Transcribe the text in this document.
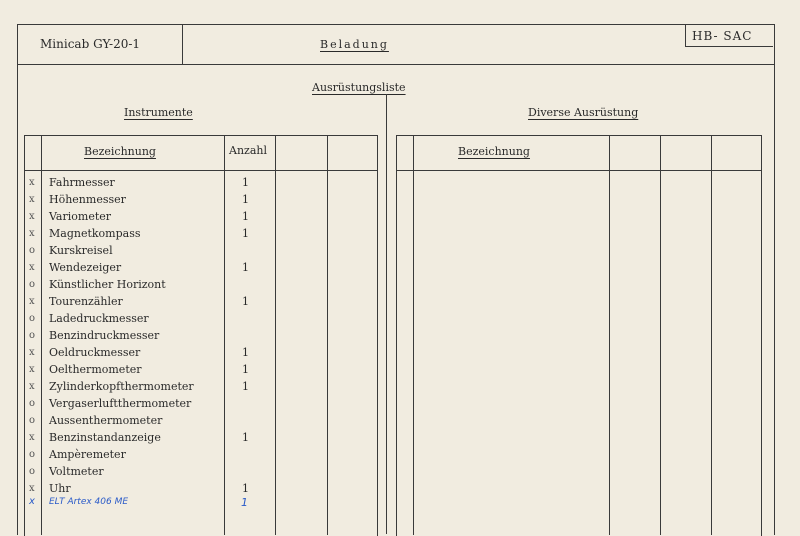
Minicab GY-20-1	Beladung
HB- SAC
Ausrüstungsliste
Instrumente
Bezeichnung	Anzahl
x Fahrmesser	1
x Höhenmesser	1
x Variometer	1
x Magnetkompass	1
o Kurskreisel
x Wendezeiger	1
o Künstlicher Horizont
x Tourenzähler	1
o Ladedruckmesser
o Benzindruckmesser
x Oeldruckmesser	1
x Oelthermometer	1
x Zylinderkopfthermometer	1
o Vergaserluftthermometer
o Aussenthermometer
x Benzinstandanzeige	1
o Ampèremeter
o Voltmeter
x Uhr	1
x ELT Artex 406 ME	1
Diverse Ausrüstung
Bezeichnung
